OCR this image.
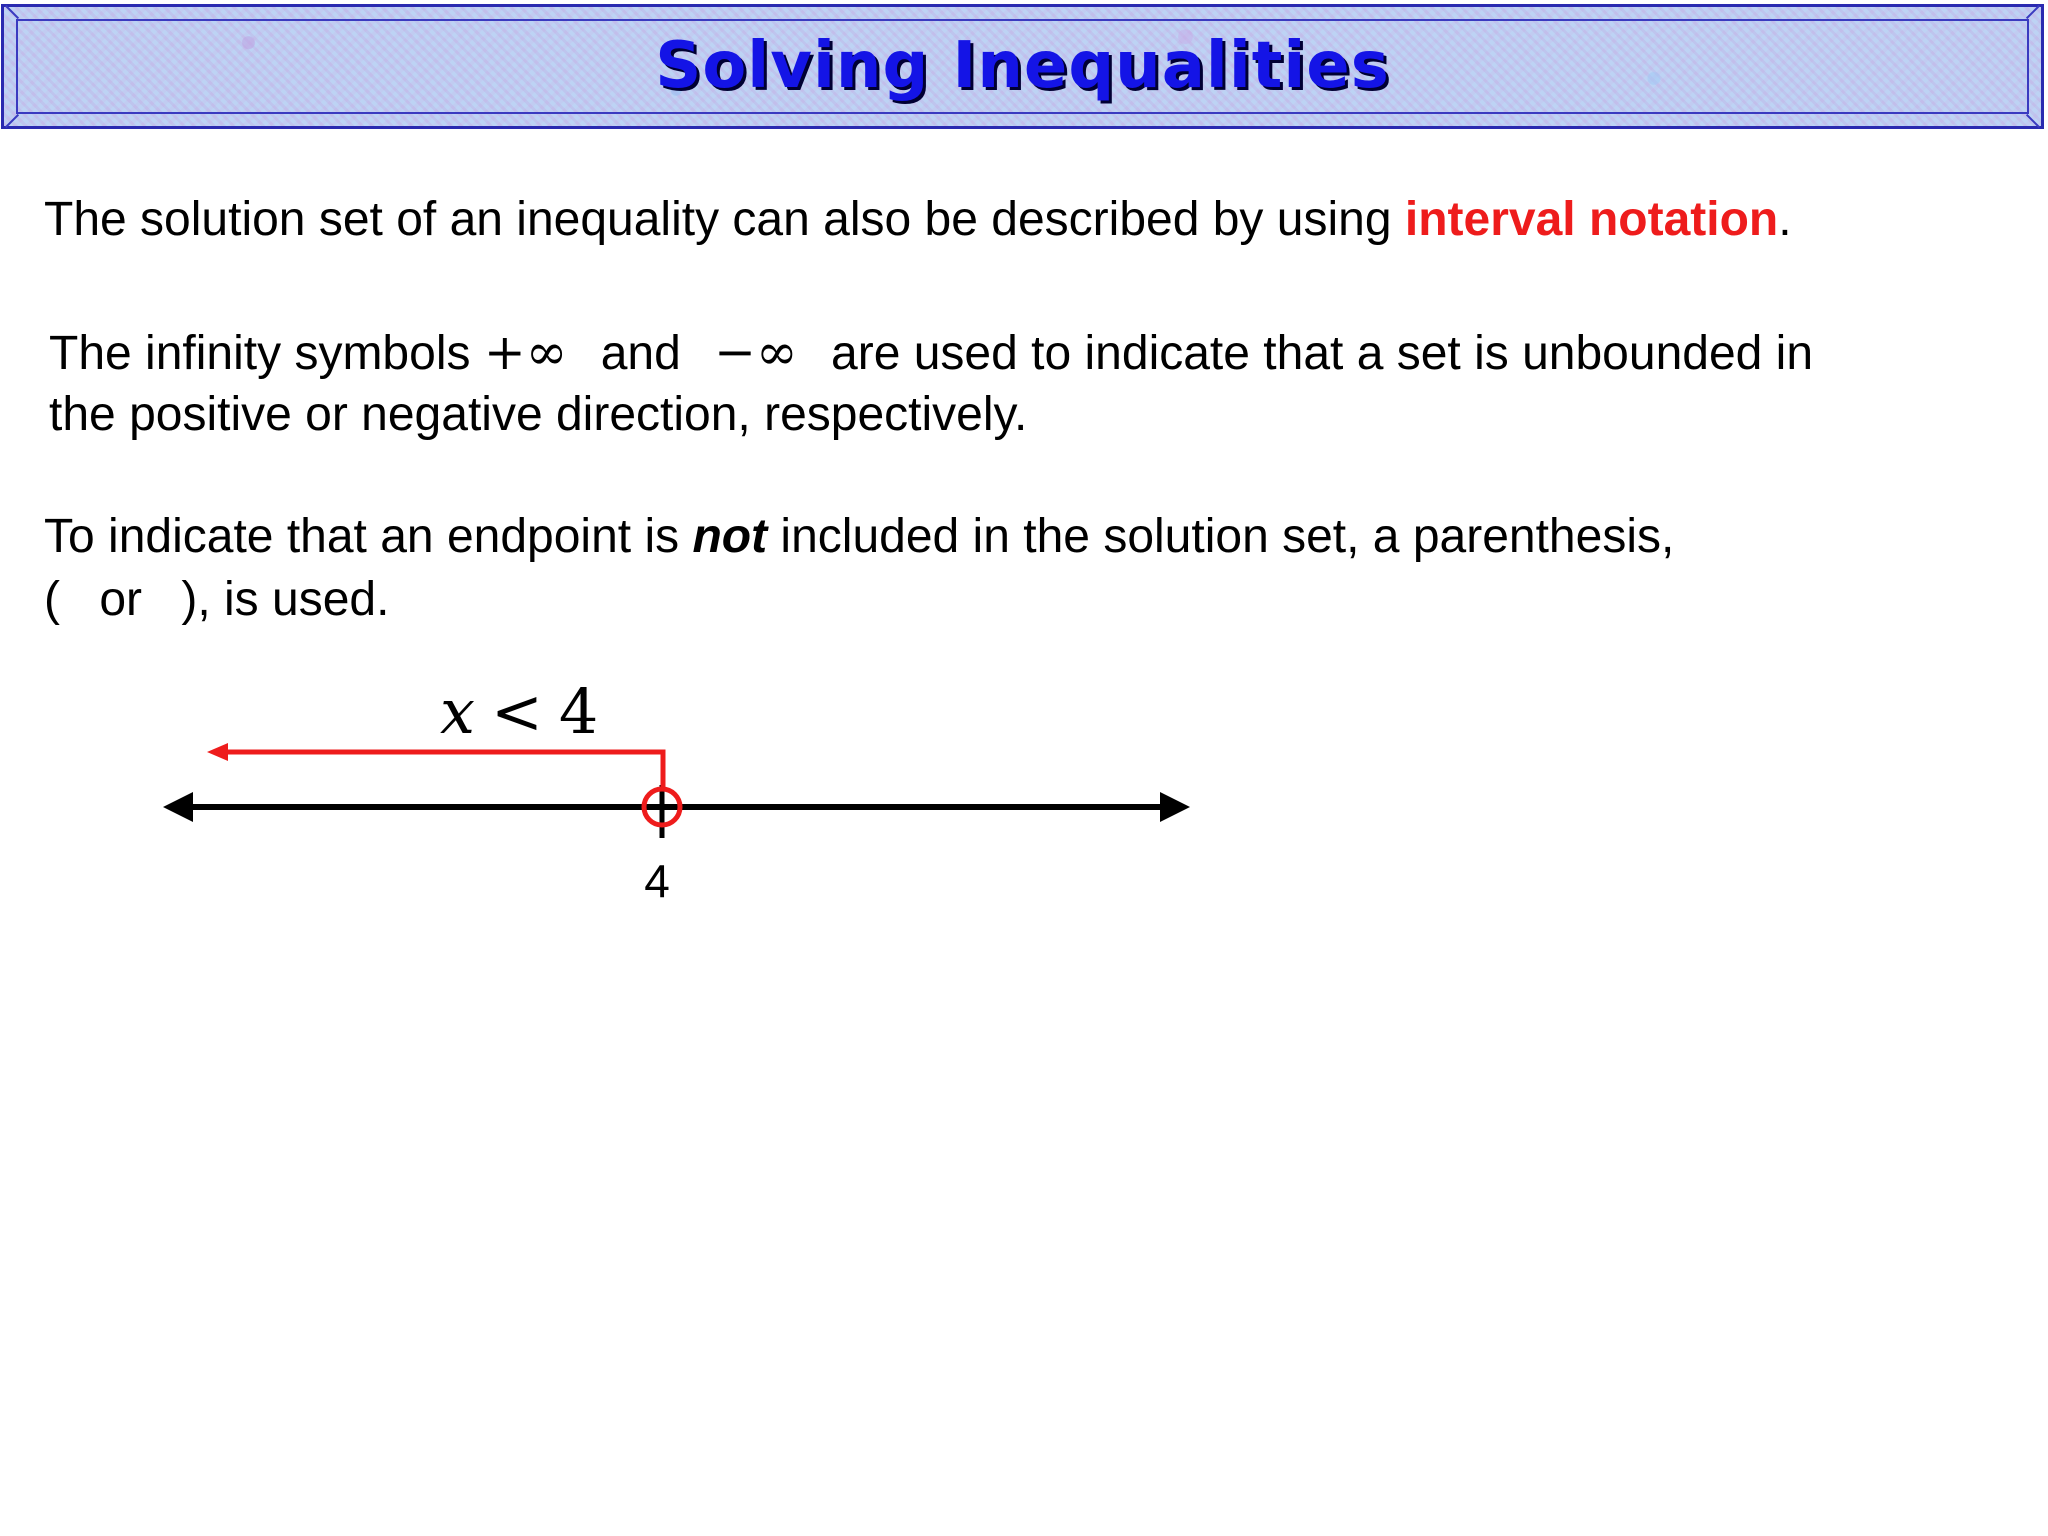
Solving Inequalities
The solution set of an inequality can also be described by using interval notation.
The infinity symbols +∞ and −∞ are used to indicate that a set is unbounded in
the positive or negative direction, respectively.
To indicate that an endpoint is not included in the solution set, a parenthesis,
( or ), is used.
x < 4
4
